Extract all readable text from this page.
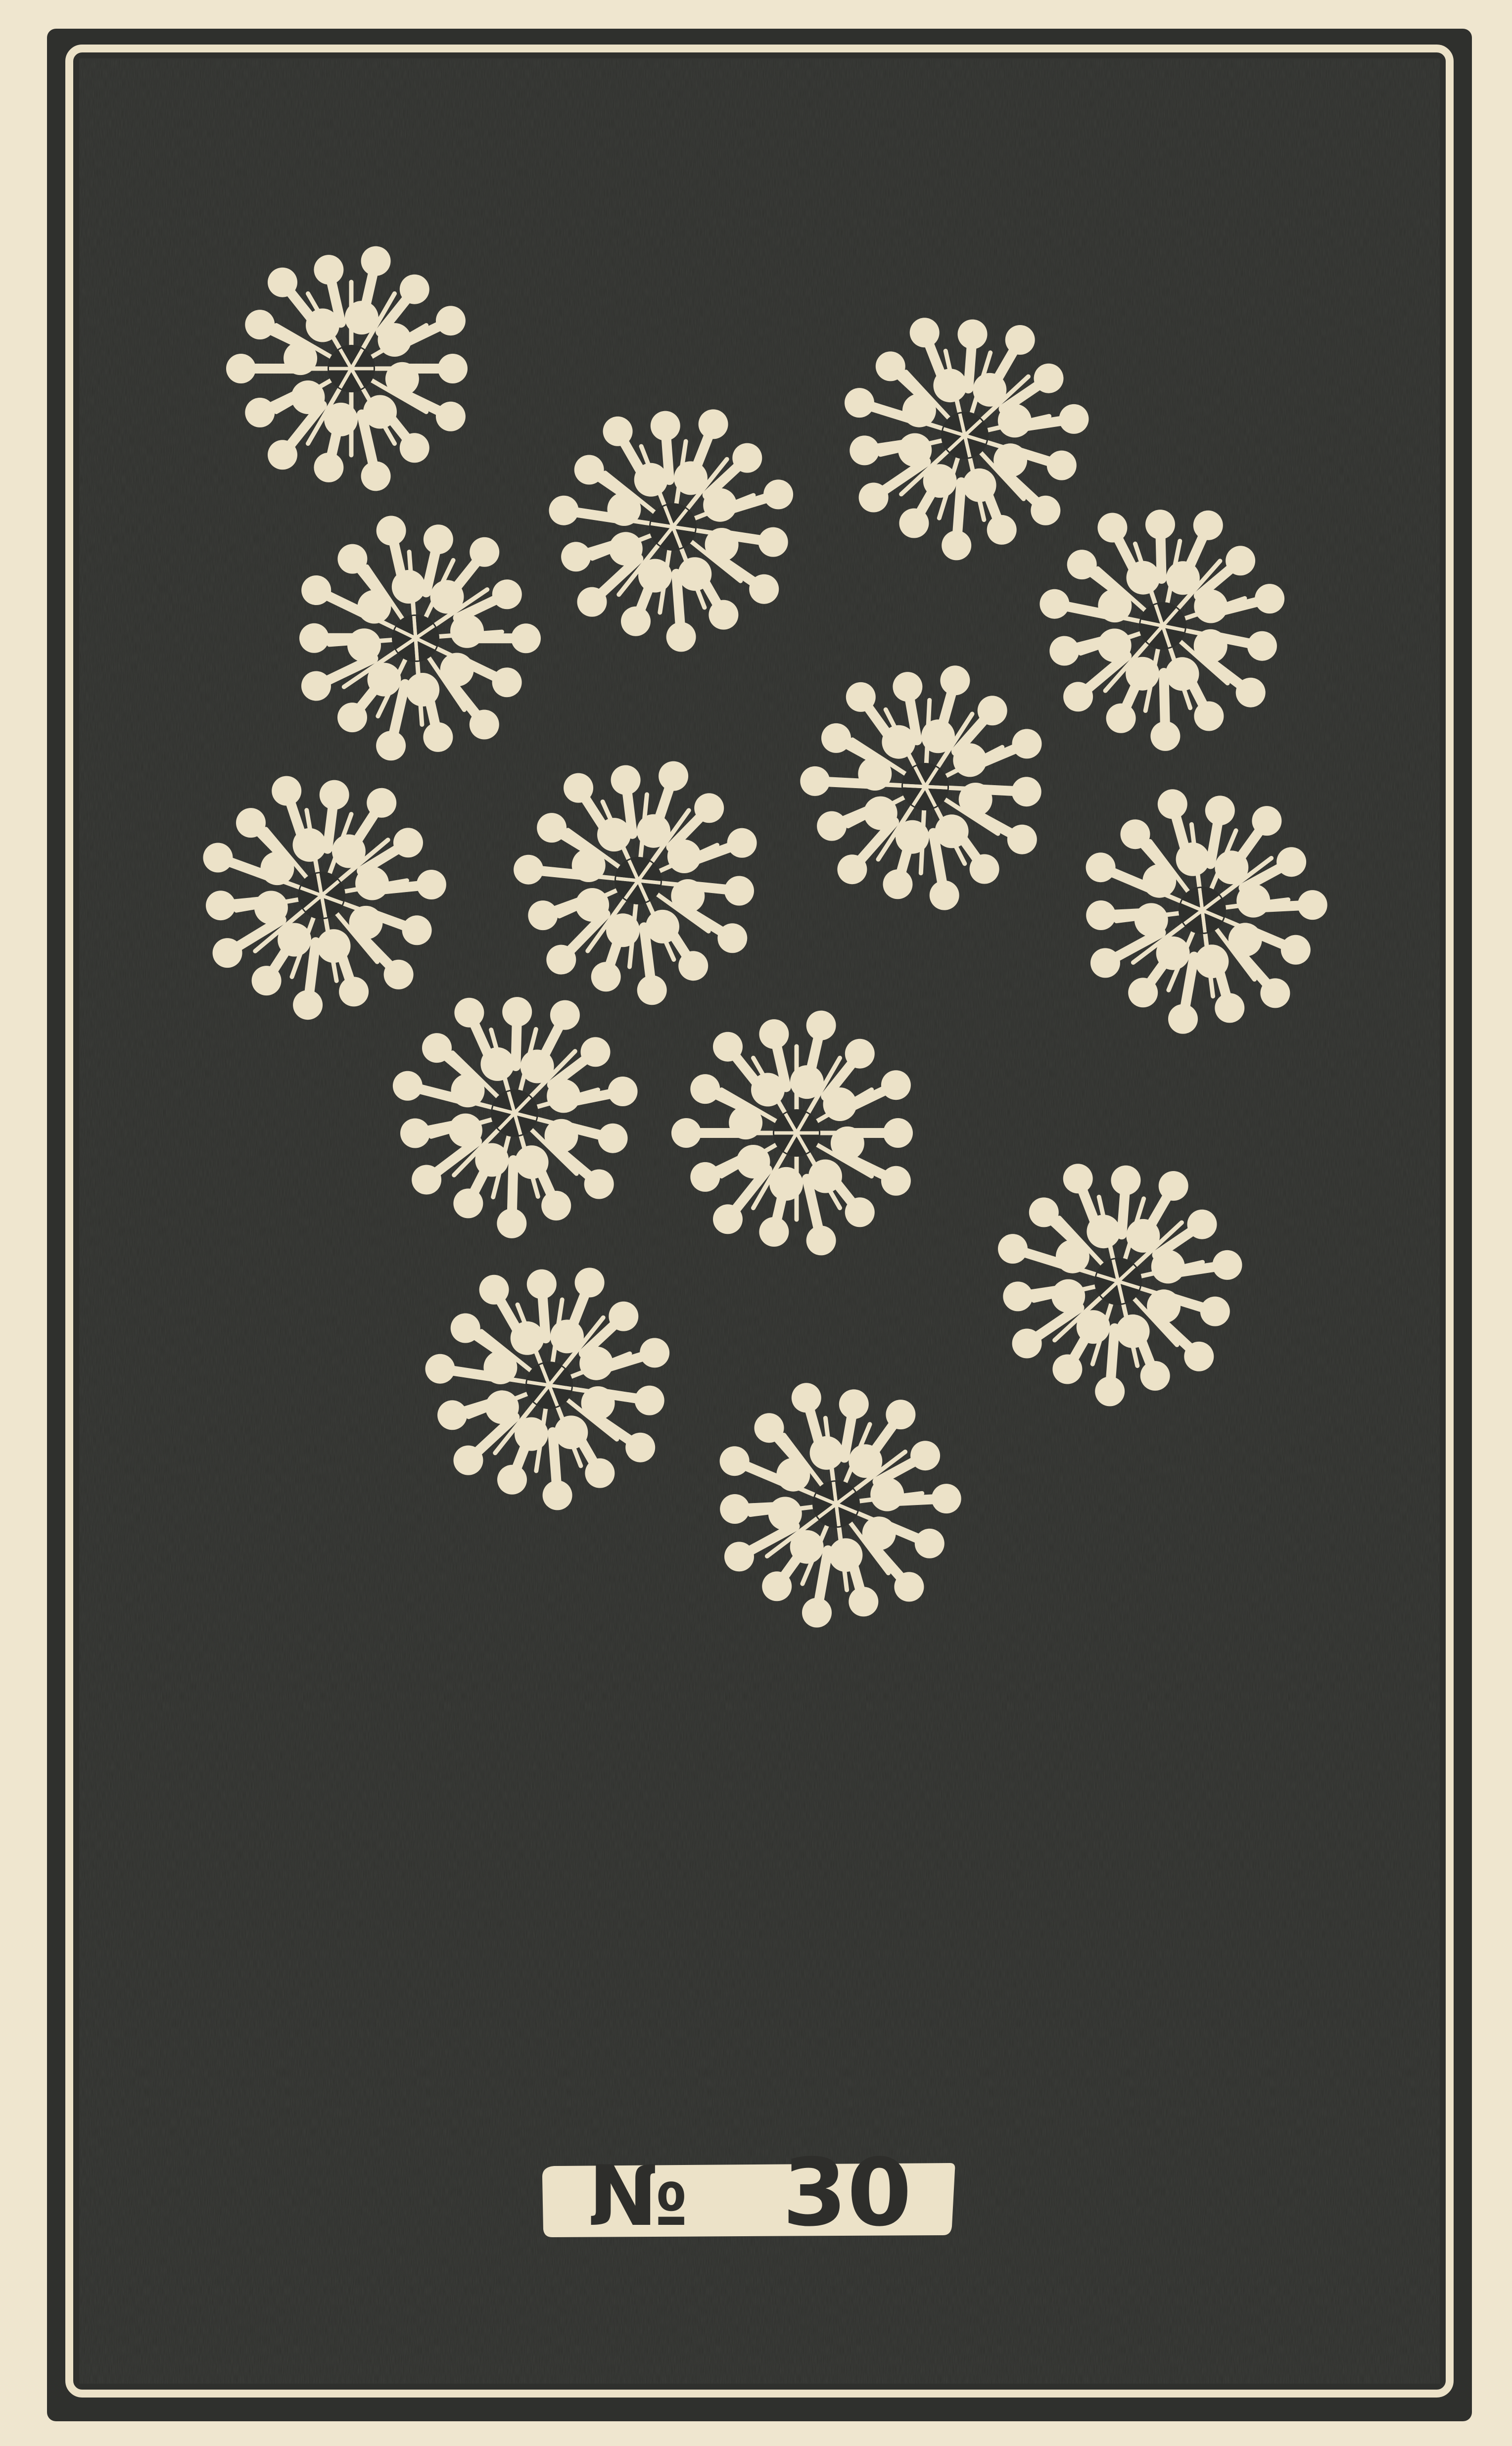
№ 30
